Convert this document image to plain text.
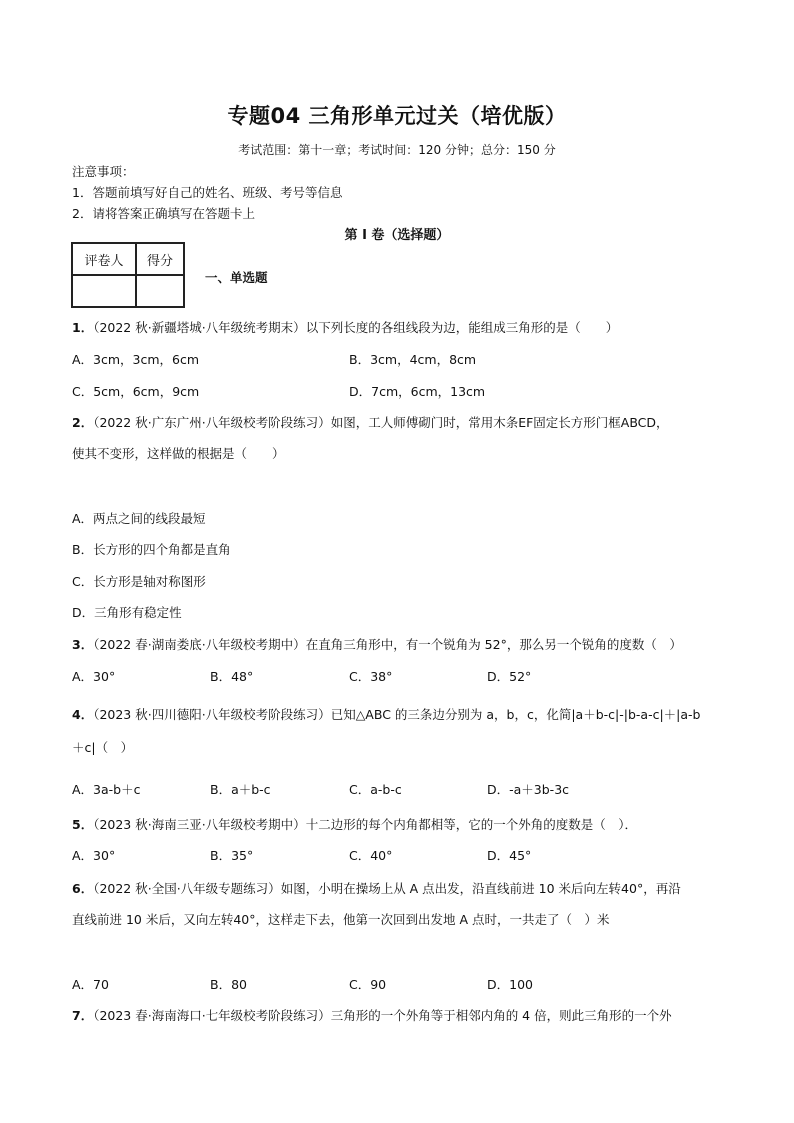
专题04 三角形单元过关（培优版）
考试范围：第十一章；考试时间：120 分钟；总分：150 分
注意事项：
1．答题前填写好自己的姓名、班级、考号等信息
2．请将答案正确填写在答题卡上
第 I 卷（选择题）
评卷人	得分

一、单选题
1．（2022 秋·新疆塔城·八年级统考期末）以下列长度的各组线段为边，能组成三角形的是（　　）
A．3cm，3cm，6cm	B．3cm，4cm，8cm
C．5cm，6cm，9cm	D．7cm，6cm，13cm
2．（2022 秋·广东广州·八年级校考阶段练习）如图，工人师傅砌门时，常用木条EF固定长方形门框ABCD，
使其不变形，这样做的根据是（　　）
A．两点之间的线段最短
B．长方形的四个角都是直角
C．长方形是轴对称图形
D．三角形有稳定性
3．（2022 春·湖南娄底·八年级校考期中）在直角三角形中，有一个锐角为 52°，那么另一个锐角的度数（　）
A．30°	B．48°	C．38°	D．52°
4．（2023 秋·四川德阳·八年级校考阶段练习）已知△ABC 的三条边分别为 a，b，c，化简|a＋b-c|-|b-a-c|＋|a-b
＋c|（　）
A．3a-b＋c	B．a＋b-c	C．a-b-c	D．-a＋3b-3c
5．（2023 秋·海南三亚·八年级校考期中）十二边形的每个内角都相等，它的一个外角的度数是（　）．
A．30°	B．35°	C．40°	D．45°
6．（2022 秋·全国·八年级专题练习）如图，小明在操场上从 A 点出发，沿直线前进 10 米后向左转40°，再沿
直线前进 10 米后，又向左转40°，这样走下去，他第一次回到出发地 A 点时，一共走了（　）米
A．70	B．80	C．90	D．100
7．（2023 春·海南海口·七年级校考阶段练习）三角形的一个外角等于相邻内角的 4 倍，则此三角形的一个外
